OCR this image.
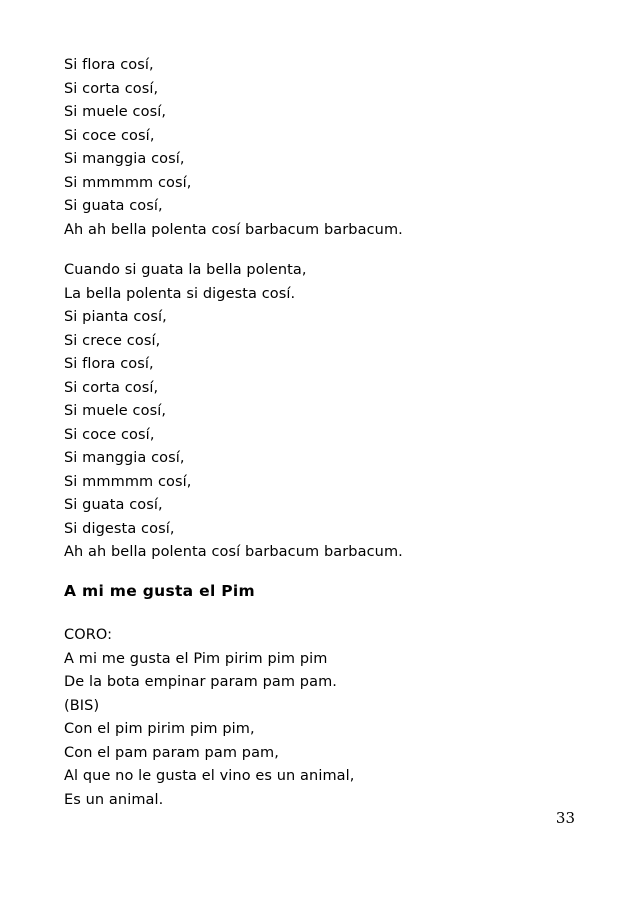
Si flora cosí,
Si corta cosí,
Si muele cosí,
Si coce cosí,
Si manggia cosí,
Si mmmmm cosí,
Si guata cosí,
Ah ah bella polenta cosí barbacum barbacum.
Cuando si guata la bella polenta,
La bella polenta si digesta cosí.
Si pianta cosí,
Si crece cosí,
Si flora cosí,
Si corta cosí,
Si muele cosí,
Si coce cosí,
Si manggia cosí,
Si mmmmm cosí,
Si guata cosí,
Si digesta cosí,
Ah ah bella polenta cosí barbacum barbacum.
A mi me gusta el Pim
CORO:
A mi me gusta el Pim pirim pim pim
De la bota empinar param pam pam.
(BIS)
Con el pim pirim pim pim,
Con el pam param pam pam,
Al que no le gusta el vino es un animal,
Es un animal.
33
